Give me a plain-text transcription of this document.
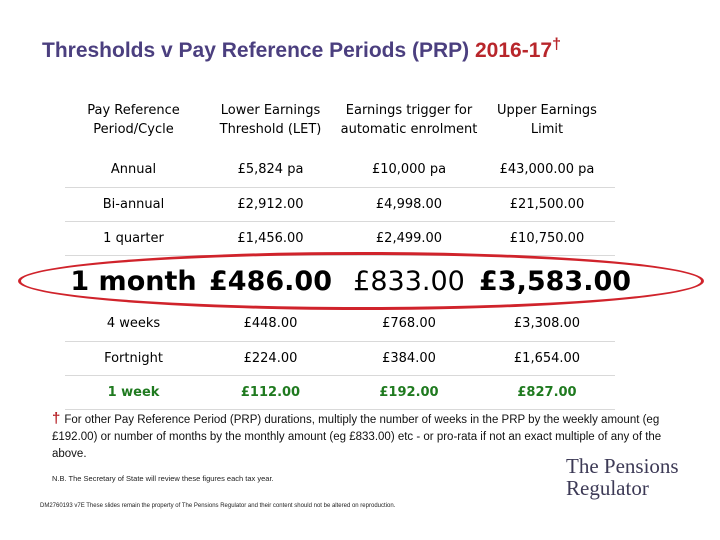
Thresholds v Pay Reference Periods (PRP) 2016-17†
Pay Reference Period/Cycle	Lower Earnings Threshold (LET)	Earnings trigger for automatic enrolment	Upper Earnings Limit
Annual	£5,824 pa	£10,000 pa	£43,000.00 pa
Bi-annual	£2,912.00	£4,998.00	£21,500.00
1 quarter	£1,456.00	£2,499.00	£10,750.00
1 month	£486.00	£833.00	£3,583.00
4 weeks	£448.00	£768.00	£3,308.00
Fortnight	£224.00	£384.00	£1,654.00
1 week	£112.00	£192.00	£827.00
† For other Pay Reference Period (PRP) durations, multiply the number of weeks in the PRP by the weekly amount (eg £192.00) or number of months by the monthly amount (eg £833.00) etc - or pro-rata if not an exact multiple of any of the above.
N.B. The Secretary of State will review these figures each tax year.
DM2760193 v7E These slides remain the property of The Pensions Regulator and their content should not be altered on reproduction.
The Pensions
Regulator
